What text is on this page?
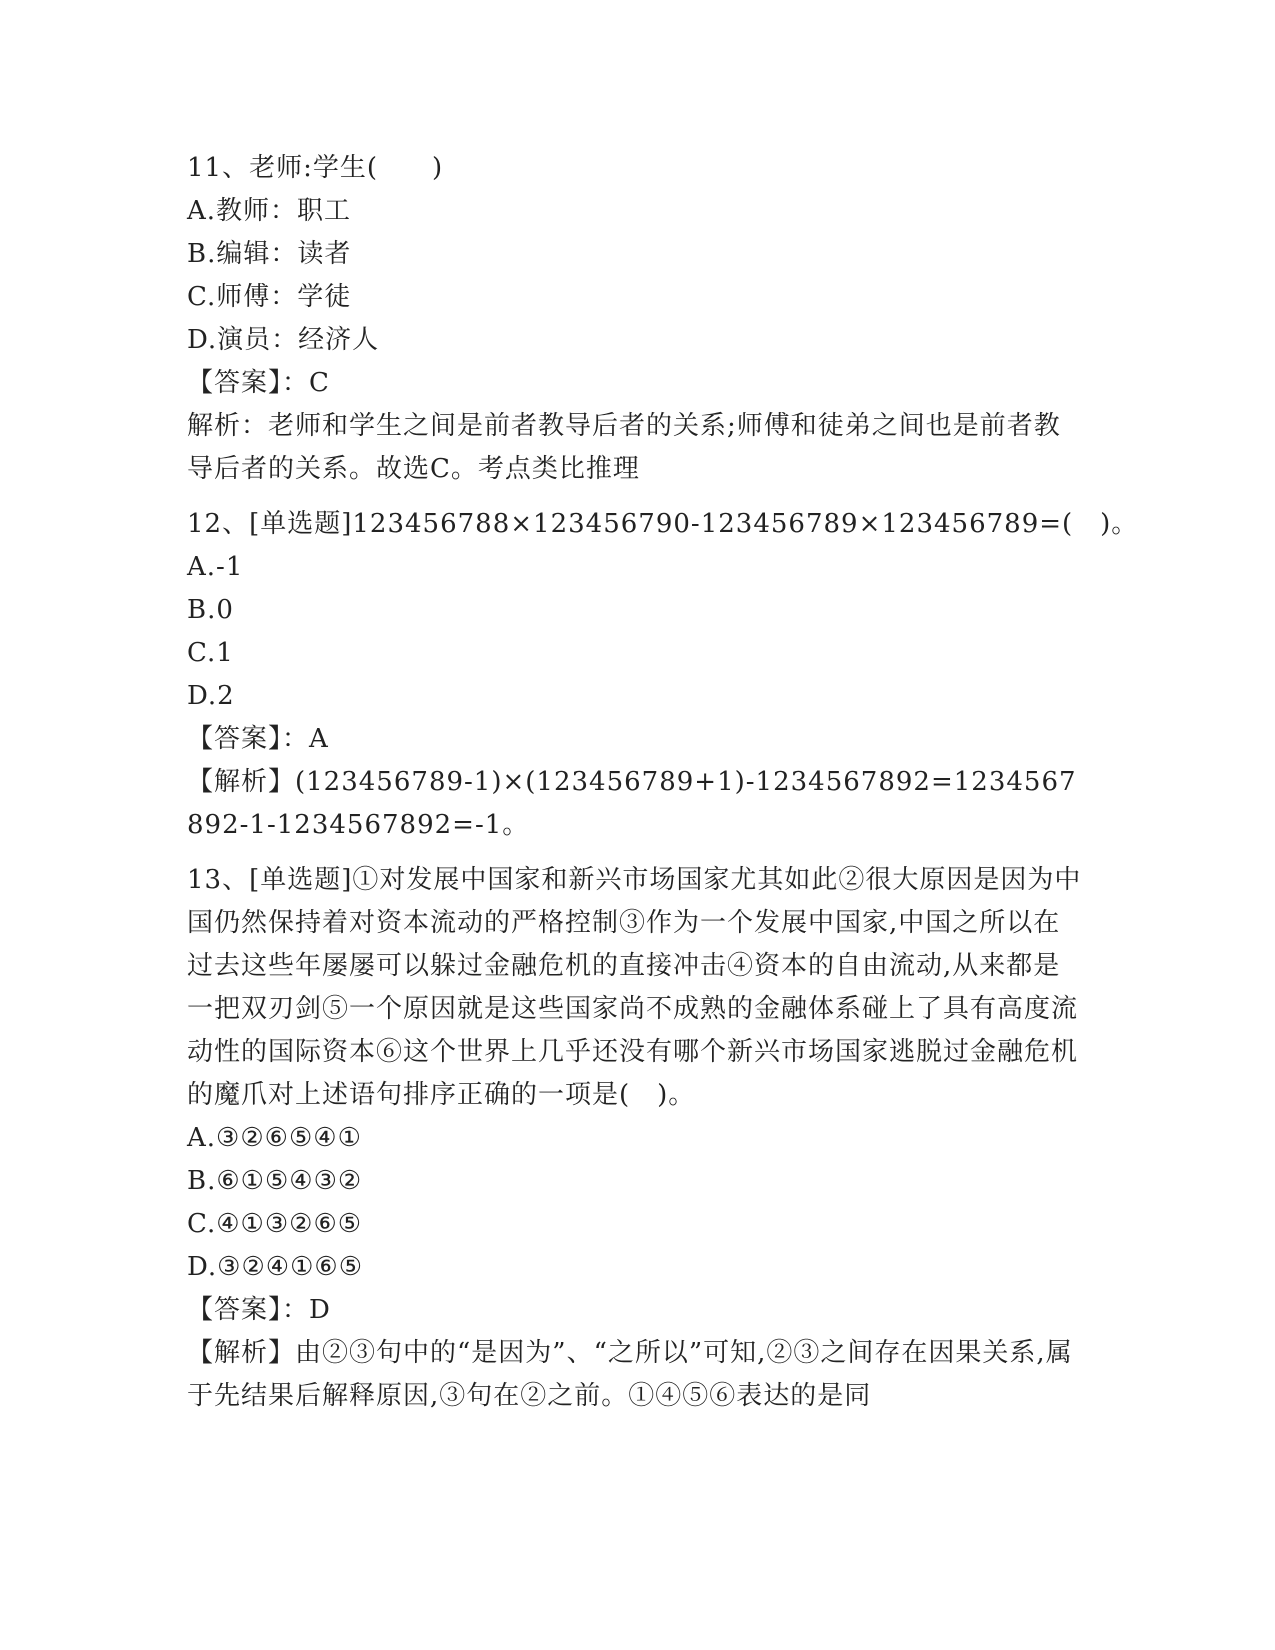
11、老师:学生(　　)
A.教师：职工
B.编辑：读者
C.师傅：学徒
D.演员：经济人
【答案】：C
解析：老师和学生之间是前者教导后者的关系;师傅和徒弟之间也是前者教导后者的关系。故选C。考点类比推理
12、[单选题]123456788×123456790-123456789×123456789=(　)。
A.-1
B.0
C.1
D.2
【答案】：A
【解析】(123456789-1)×(123456789+1)-1234567892=1234567892-1-1234567892=-1。
13、[单选题]①对发展中国家和新兴市场国家尤其如此②很大原因是因为中国仍然保持着对资本流动的严格控制③作为一个发展中国家,中国之所以在过去这些年屡屡可以躲过金融危机的直接冲击④资本的自由流动,从来都是一把双刃剑⑤一个原因就是这些国家尚不成熟的金融体系碰上了具有高度流动性的国际资本⑥这个世界上几乎还没有哪个新兴市场国家逃脱过金融危机的魔爪对上述语句排序正确的一项是(　)。
A.③②⑥⑤④①
B.⑥①⑤④③②
C.④①③②⑥⑤
D.③②④①⑥⑤
【答案】：D
【解析】由②③句中的“是因为”、“之所以”可知,②③之间存在因果关系,属于先结果后解释原因,③句在②之前。①④⑤⑥表达的是同
